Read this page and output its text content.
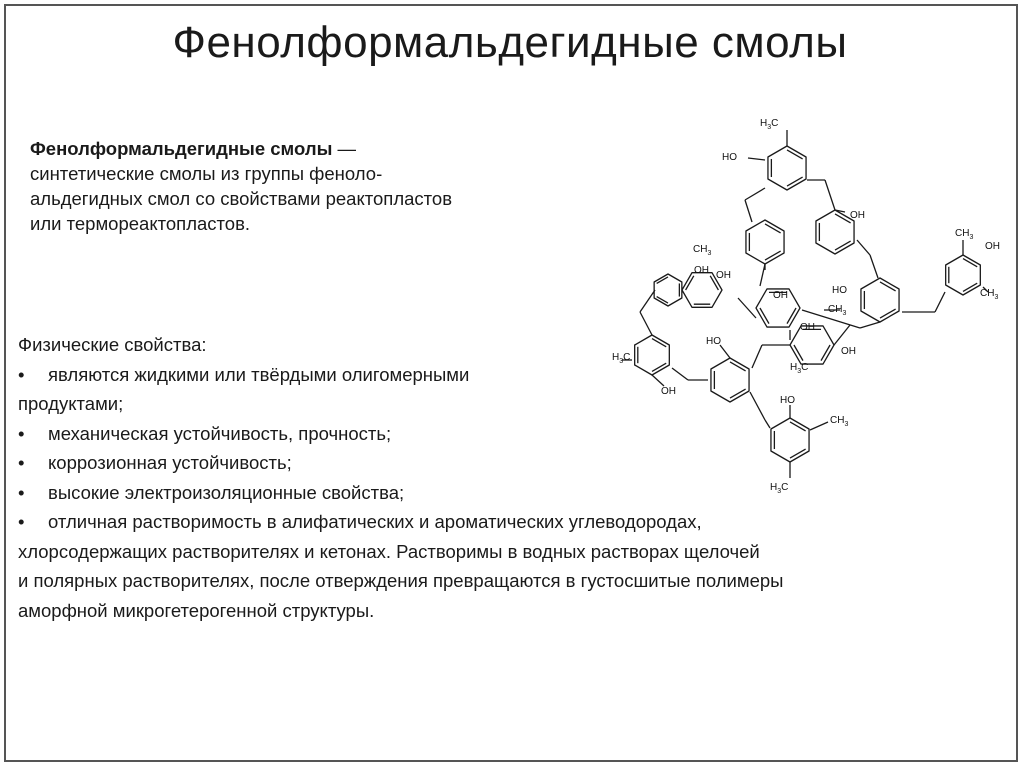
Фенолформальдегидные смолы
Фенолформальдегидные смолы —
синтетические смолы из группы феноло-
альдегидных смол со свойствами реактопластов
или термореактопластов.
Физические свойства:
• являются жидкими или твёрдыми олигомерными
продуктами;
• механическая устойчивость, прочность;
• коррозионная устойчивость;
• высокие электроизоляционные свойства;
• отличная растворимость в алифатических и ароматических углеводородах,
хлорсодержащих растворителях и кетонах. Растворимы в водных растворах щелочей
и полярных растворителях, после отверждения превращаются в густосшитые полимеры
аморфной микрогетерогенной структуры.
$H_3C$
HO
OH
$CH_3$
OH OH
OH
$CH_3$
HO
OH
$CH_3$
OH
$CH_3$
$H_3C$
OH
HO
OH
$H_3C$
HO
$CH_3$
$H_3C$
